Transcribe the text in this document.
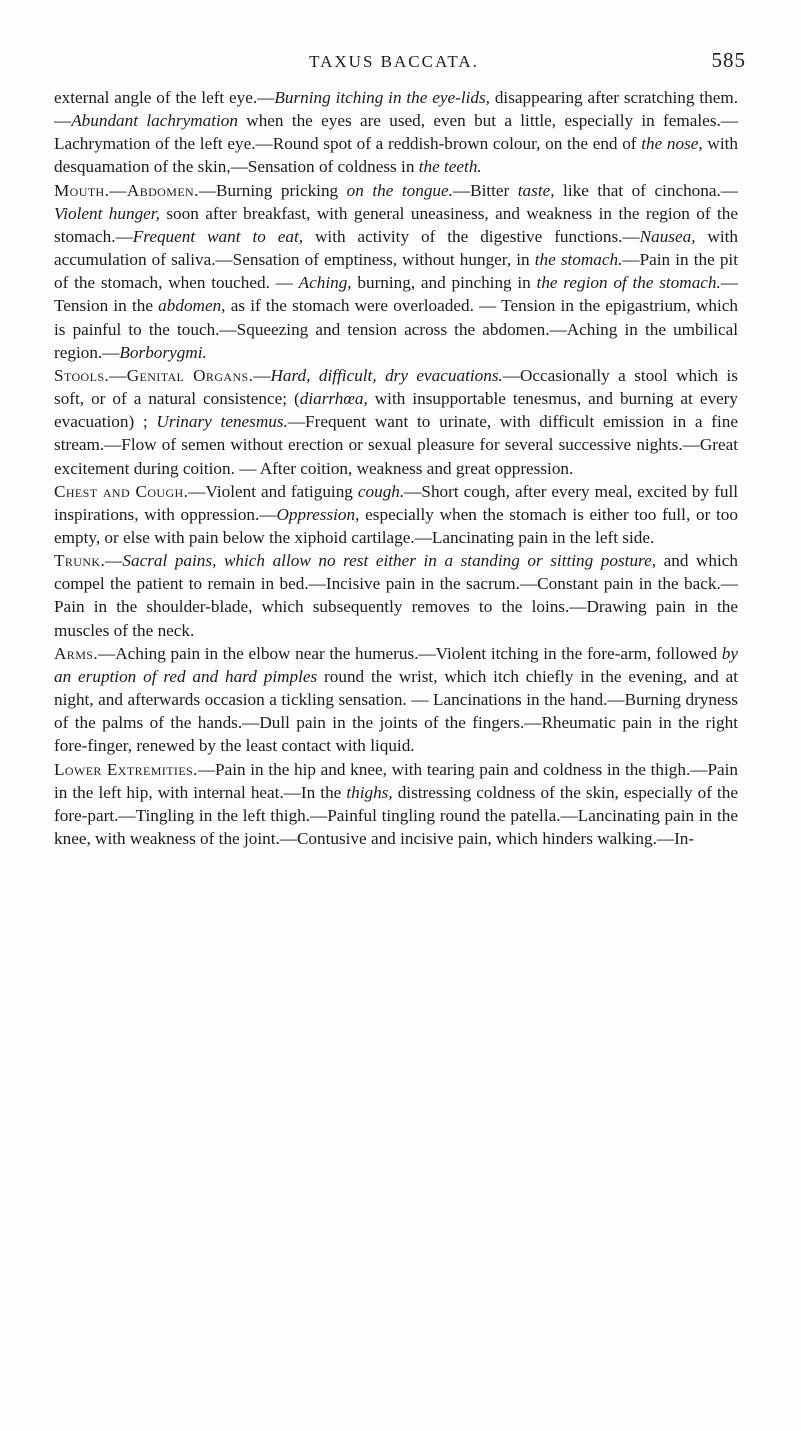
TAXUS BACCATA.	585

external angle of the left eye.—Burning itching in the eye-lids, disappearing after scratching them.—Abundant lachrymation when the eyes are used, even but a little, especially in females.—Lachrymation of the left eye.—Round spot of a reddish-brown colour, on the end of the nose, with desquamation of the skin,—Sensation of coldness in the teeth.

Mouth.—Abdomen.—Burning pricking on the tongue.—Bitter taste, like that of cinchona.—Violent hunger, soon after breakfast, with general uneasiness, and weakness in the region of the stomach.—Frequent want to eat, with activity of the digestive functions.—Nausea, with accumulation of saliva.—Sensation of emptiness, without hunger, in the stomach.—Pain in the pit of the stomach, when touched. — Aching, burning, and pinching in the region of the stomach.—Tension in the abdomen, as if the stomach were overloaded. — Tension in the epigastrium, which is painful to the touch.—Squeezing and tension across the abdomen.—Aching in the umbilical region.—Borborygmi.

Stools.—Genital Organs.—Hard, difficult, dry evacuations.—Occasionally a stool which is soft, or of a natural consistence; (diarrhœa, with insupportable tenesmus, and burning at every evacuation) ; Urinary tenesmus.—Frequent want to urinate, with difficult emission in a fine stream.—Flow of semen without erection or sexual pleasure for several successive nights.—Great excitement during coition. — After coition, weakness and great oppression.

Chest and Cough.—Violent and fatiguing cough.—Short cough, after every meal, excited by full inspirations, with oppression.—Oppression, especially when the stomach is either too full, or too empty, or else with pain below the xiphoid cartilage.—Lancinating pain in the left side.

Trunk.—Sacral pains, which allow no rest either in a standing or sitting posture, and which compel the patient to remain in bed.—Incisive pain in the sacrum.—Constant pain in the back.—Pain in the shoulder-blade, which subsequently removes to the loins.—Drawing pain in the muscles of the neck.

Arms.—Aching pain in the elbow near the humerus.—Violent itching in the fore-arm, followed by an eruption of red and hard pimples round the wrist, which itch chiefly in the evening, and at night, and afterwards occasion a tickling sensation. — Lancinations in the hand.—Burning dryness of the palms of the hands.—Dull pain in the joints of the fingers.—Rheumatic pain in the right fore-finger, renewed by the least contact with liquid.

Lower Extremities.—Pain in the hip and knee, with tearing pain and coldness in the thigh.—Pain in the left hip, with internal heat.—In the thighs, distressing coldness of the skin, especially of the fore-part.—Tingling in the left thigh.—Painful tingling round the patella.—Lancinating pain in the knee, with weakness of the joint.—Contusive and incisive pain, which hinders walking.—In-
